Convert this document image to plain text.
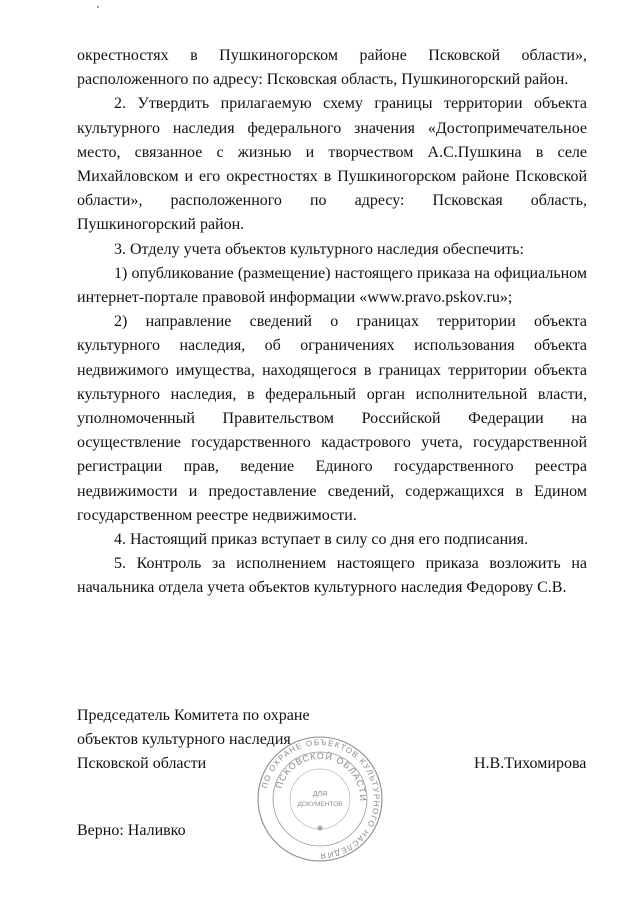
окрестностях в Пушкиногорском районе Псковской области», расположенного по адресу: Псковская область, Пушкиногорский район.

2. Утвердить прилагаемую схему границы территории объекта культурного наследия федерального значения «Достопримечательное место, связанное с жизнью и творчеством А.С.Пушкина в селе Михайловском и его окрестностях в Пушкиногорском районе Псковской области», расположенного по адресу: Псковская область, Пушкиногорский район.

3. Отделу учета объектов культурного наследия обеспечить:

1) опубликование (размещение) настоящего приказа на официальном интернет-портале правовой информации «www.pravo.pskov.ru»;

2) направление сведений о границах территории объекта культурного наследия, об ограничениях использования объекта недвижимого имущества, находящегося в границах территории объекта культурного наследия, в федеральный орган исполнительной власти, уполномоченный Правительством Российской Федерации на осуществление государственного кадастрового учета, государственной регистрации прав, ведение Единого государственного реестра недвижимости и предоставление сведений, содержащихся в Едином государственном реестре недвижимости.

4. Настоящий приказ вступает в силу со дня его подписания.

5. Контроль за исполнением настоящего приказа возложить на начальника отдела учета объектов культурного наследия Федорову С.В.

Председатель Комитета по охране
объектов культурного наследия
Псковской области	Н.В.Тихомирова
Верно: Наливко
ПО ОХРАНЕ ОБЪЕКТОВ КУЛЬТУРНОГО НАСЛЕДИЯ
ПСКОВСКОЙ ОБЛАСТИ
ДЛЯ
ДОКУМЕНТОВ
✱
